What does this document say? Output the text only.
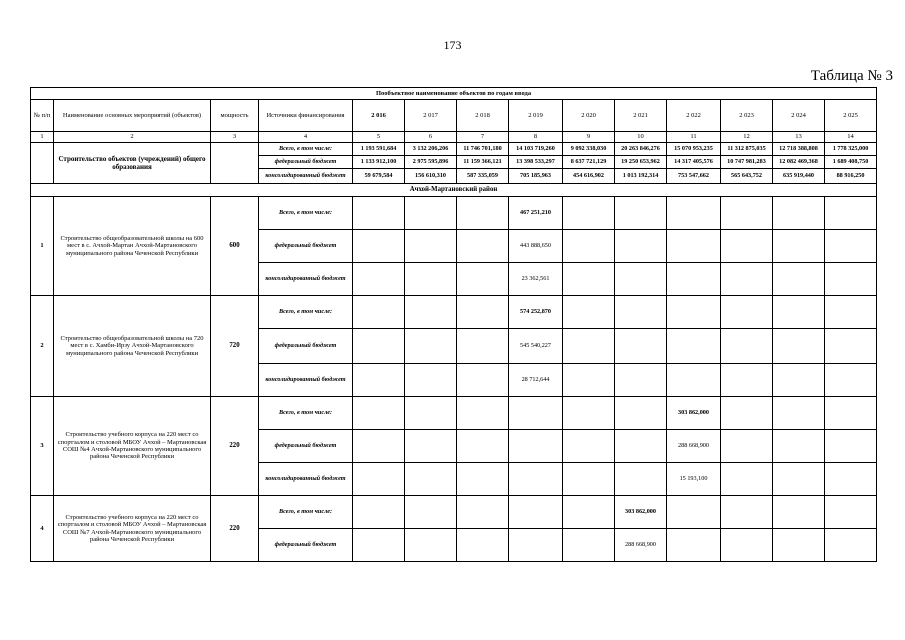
173
Таблица № 3
Пообъектное наименование объектов по годам ввода													
№ п/п	Наименование основных мероприятий (объектов)	мощность	Источники финансирования	2 016	2 017	2 018	2 019	2 020	2 021	2 022	2 023	2 024	2 025
1	2	3	4	5	6	7	8	9	10	11	12	13	14
	Строительство объектов (учреждений) общего образования		Всего, в том числе:	1 193 591,684	3 132 206,206	11 746 701,180	14 103 719,260	9 092 338,030	20 263 846,276	15 070 953,235	11 312 875,035	12 718 388,808	1 778 325,000
			федеральный бюджет	1 133 912,100	2 975 595,896	11 159 366,121	13 398 533,297	8 637 721,129	19 250 653,962	14 317 405,576	10 747 981,283	12 082 469,368	1 689 408,750
			консолидированный бюджет	59 679,584	156 610,310	587 335,059	705 185,963	454 616,902	1 013 192,314	753 547,662	565 643,752	635 919,440	88 916,250
Ачхой-Мартановский район													
1	Строительство общеобразовательной школы на 600 мест в с. Ачхой-Мартан Ачхой-Мартановского муниципального района Чеченской Республики	600	Всего, в том числе:				467 251,210						
			федеральный бюджет				443 888,650						
			консолидированный бюджет				23 362,561						
2	Строительство общеобразовательной школы на 720 мест в с. Хамби-Ирзу Ачхой-Мартановского муниципального района Чеченской Республики	720	Всего, в том числе:				574 252,870						
			федеральный бюджет				545 540,227						
			консолидированный бюджет				28 712,644						
3	Строительство учебного корпуса на 220 мест со спортзалом и столовой МБОУ Ачхой – Мартановская СОШ №4 Ачхой-Мартановского муниципального района Чеченской Республики	220	Всего, в том числе:							303 862,000			
			федеральный бюджет							288 668,900			
			консолидированный бюджет							15 193,100			
4	Строительство учебного корпуса на 220 мест со спортзалом и столовой МБОУ Ачхой – Мартановская СОШ №7 Ачхой-Мартановского муниципального района Чеченской Республики	220	Всего, в том числе:						303 862,000				
			федеральный бюджет						288 668,900				
